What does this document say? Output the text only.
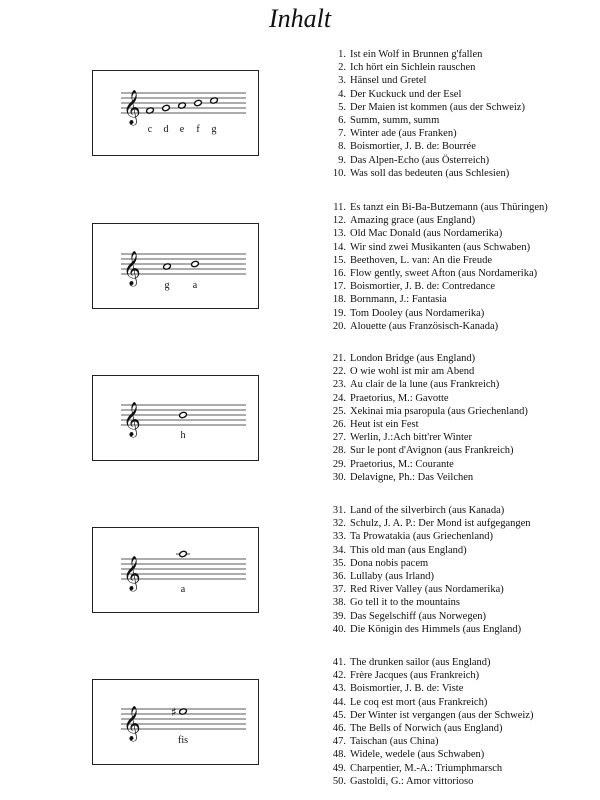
Inhalt
𝄞
c d e f g
1. Ist ein Wolf in Brunnen g'fallen
2. Ich hört ein Sichlein rauschen
3. Hänsel und Gretel
4. Der Kuckuck und der Esel
5. Der Maien ist kommen (aus der Schweiz)
6. Summ, summ, summ
7. Winter ade (aus Franken)
8. Boismortier, J. B. de: Bourrée
9. Das Alpen-Echo (aus Österreich)
10. Was soll das bedeuten (aus Schlesien)
𝄞 g a
11. Es tanzt ein Bi-Ba-Butzemann (aus Thüringen)
12. Amazing grace (aus England)
13. Old Mac Donald (aus Nordamerika)
14. Wir sind zwei Musikanten (aus Schwaben)
15. Beethoven, L. van: An die Freude
16. Flow gently, sweet Afton (aus Nordamerika)
17. Boismortier, J. B. de: Contredance
18. Bornmann, J.: Fantasia
19. Tom Dooley (aus Nordamerika)
20. Alouette (aus Französisch-Kanada)
𝄞	h
21. London Bridge (aus England)
22. O wie wohl ist mir am Abend
23. Au clair de la lune (aus Frankreich)
24. Praetorius, M.: Gavotte
25. Xekinai mia psaropula (aus Griechenland)
26. Heut ist ein Fest
27. Werlin, J.:Ach bitt'rer Winter
28. Sur le pont d'Avignon (aus Frankreich)
29. Praetorius, M.: Courante
30. Delavigne, Ph.: Das Veilchen
𝄞	a
31. Land of the silverbirch (aus Kanada)
32. Schulz, J. A. P.: Der Mond ist aufgegangen
33. Ta Prowatakia (aus Griechenland)
34. This old man (aus England)
35. Dona nobis pacem
36. Lullaby (aus Irland)
37. Red River Valley (aus Nordamerika)
38. Go tell it to the mountains
39. Das Segelschiff (aus Norwegen)
40. Die Königin des Himmels (aus England)
𝄞	♯
fis
41. The drunken sailor (aus England)
42. Frère Jacques (aus Frankreich)
43. Boismortier, J. B. de: Viste
44. Le coq est mort (aus Frankreich)
45. Der Winter ist vergangen (aus der Schweiz)
46. The Bells of Norwich (aus England)
47. Taischan (aus China)
48. Widele, wedele (aus Schwaben)
49. Charpentier, M.-A.: Triumphmarsch
50. Gastoldi, G.: Amor vittorioso
